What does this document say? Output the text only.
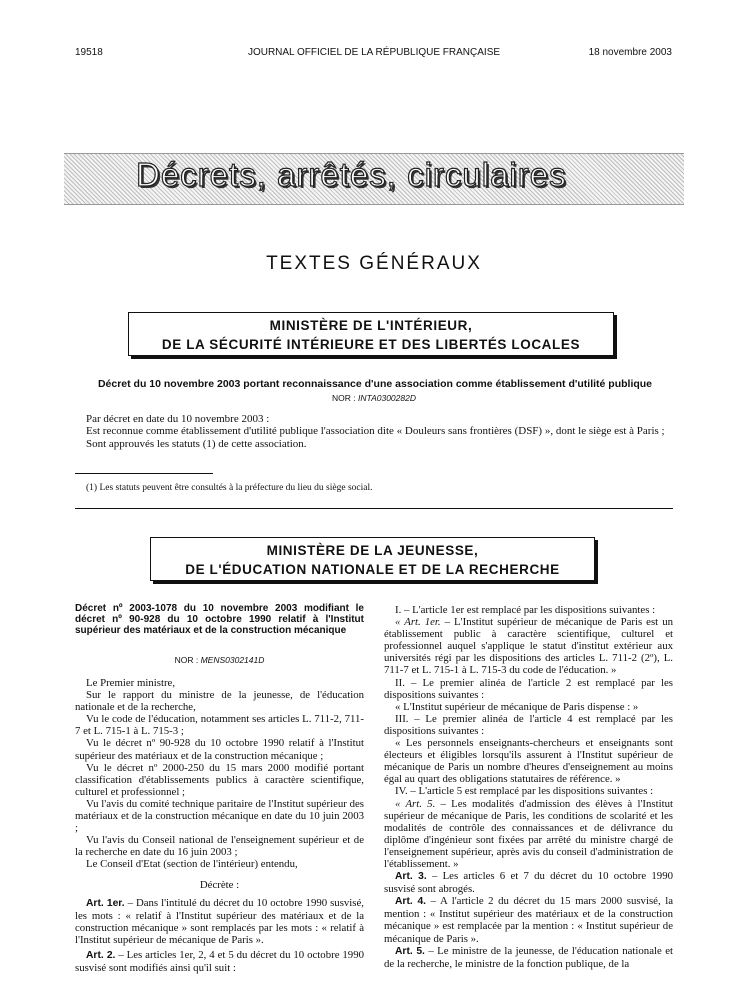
19518	JOURNAL OFFICIEL DE LA RÉPUBLIQUE FRANÇAISE	18 novembre 2003
Décrets, arrêtés, circulaires
TEXTES GÉNÉRAUX
MINISTÈRE DE L'INTÉRIEUR,
DE LA SÉCURITÉ INTÉRIEURE ET DES LIBERTÉS LOCALES
Décret du 10 novembre 2003 portant reconnaissance d'une association comme établissement d'utilité publique
NOR : INTA0300282D

Par décret en date du 10 novembre 2003 :

Est reconnue comme établissement d'utilité publique l'association dite « Douleurs sans frontières (DSF) », dont le siège est à Paris ;

Sont approuvés les statuts (1) de cette association.

(1) Les statuts peuvent être consultés à la préfecture du lieu du siège social.
MINISTÈRE DE LA JEUNESSE,
DE L'ÉDUCATION NATIONALE ET DE LA RECHERCHE
Décret nº 2003-1078 du 10 novembre 2003 modifiant le décret nº 90-928 du 10 octobre 1990 relatif à l'Institut supérieur des matériaux et de la construction mécanique
NOR : MENS0302141D

Le Premier ministre,

Sur le rapport du ministre de la jeunesse, de l'éducation nationale et de la recherche,

Vu le code de l'éducation, notamment ses articles L. 711-2, 711-7 et L. 715-1 à L. 715-3 ;

Vu le décret nº 90-928 du 10 octobre 1990 relatif à l'Institut supérieur des matériaux et de la construction mécanique ;

Vu le décret nº 2000-250 du 15 mars 2000 modifié portant classification d'établissements publics à caractère scientifique, culturel et professionnel ;

Vu l'avis du comité technique paritaire de l'Institut supérieur des matériaux et de la construction mécanique en date du 10 juin 2003 ;

Vu l'avis du Conseil national de l'enseignement supérieur et de la recherche en date du 16 juin 2003 ;

Le Conseil d'Etat (section de l'intérieur) entendu,

Décrète :

Art. 1er. – Dans l'intitulé du décret du 10 octobre 1990 susvisé, les mots : « relatif à l'Institut supérieur des matériaux et de la construction mécanique » sont remplacés par les mots : « relatif à l'Institut supérieur de mécanique de Paris ».

Art. 2. – Les articles 1er, 2, 4 et 5 du décret du 10 octobre 1990 susvisé sont modifiés ainsi qu'il suit :

I. – L'article 1er est remplacé par les dispositions suivantes :

« Art. 1er. – L'Institut supérieur de mécanique de Paris est un établissement public à caractère scientifique, culturel et professionnel auquel s'applique le statut d'institut extérieur aux universités régi par les dispositions des articles L. 711-2 (2º), L. 711-7 et L. 715-1 à L. 715-3 du code de l'éducation. »

II. – Le premier alinéa de l'article 2 est remplacé par les dispositions suivantes :

« L'Institut supérieur de mécanique de Paris dispense : »

III. – Le premier alinéa de l'article 4 est remplacé par les dispositions suivantes :

« Les personnels enseignants-chercheurs et enseignants sont électeurs et éligibles lorsqu'ils assurent à l'Institut supérieur de mécanique de Paris un nombre d'heures d'enseignement au moins égal au quart des obligations statutaires de référence. »

IV. – L'article 5 est remplacé par les dispositions suivantes :

« Art. 5. – Les modalités d'admission des élèves à l'Institut supérieur de mécanique de Paris, les conditions de scolarité et les modalités de contrôle des connaissances et de délivrance du diplôme d'ingénieur sont fixées par arrêté du ministre chargé de l'enseignement supérieur, après avis du conseil d'administration de l'établissement. »

Art. 3. – Les articles 6 et 7 du décret du 10 octobre 1990 susvisé sont abrogés.

Art. 4. – A l'article 2 du décret du 15 mars 2000 susvisé, la mention : « Institut supérieur des matériaux et de la construction mécanique » est remplacée par la mention : « Institut supérieur de mécanique de Paris ».

Art. 5. – Le ministre de la jeunesse, de l'éducation nationale et de la recherche, le ministre de la fonction publique, de la
